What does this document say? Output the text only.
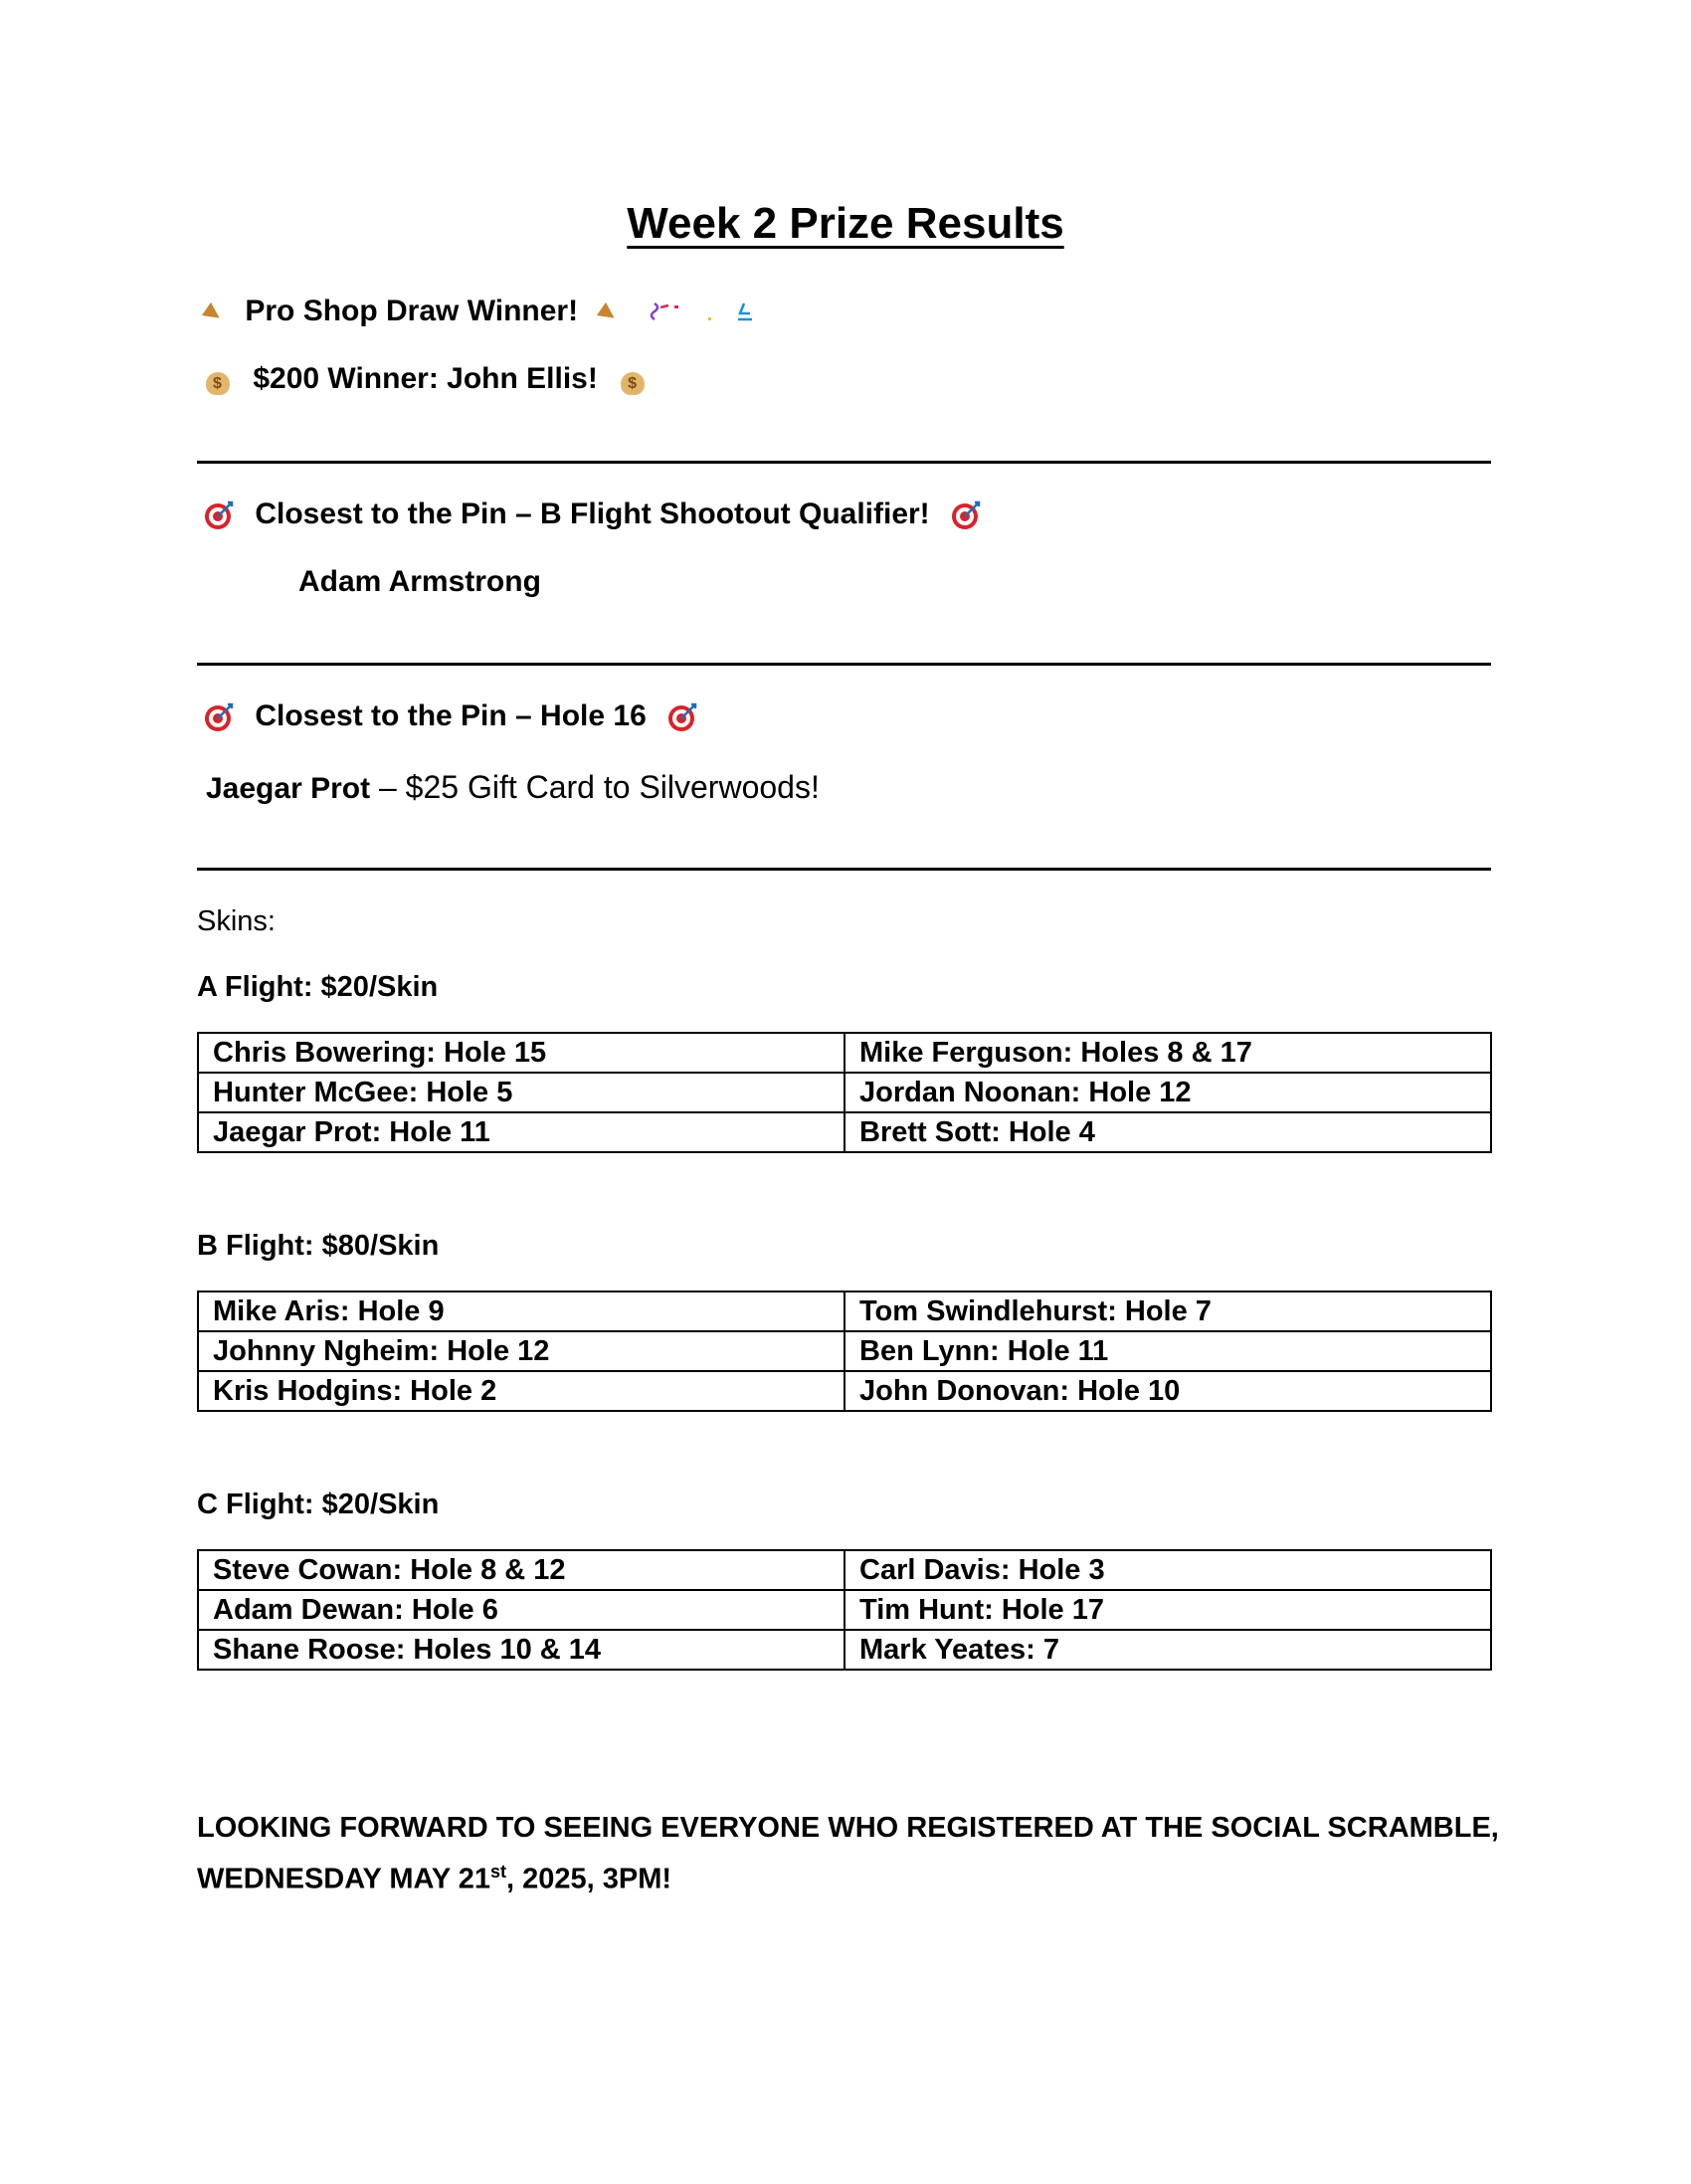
Week 2 Prize Results
Pro Shop Draw Winner!
$ $200 Winner: John Ellis! $
Closest to the Pin – B Flight Shootout Qualifier!
Adam Armstrong
Closest to the Pin – Hole 16
Jaegar Prot – $25 Gift Card to Silverwoods!
Skins:
A Flight: $20/Skin
Chris Bowering: Hole 15	Mike Ferguson: Holes 8 & 17
Hunter McGee: Hole 5	Jordan Noonan: Hole 12
Jaegar Prot: Hole 11	Brett Sott: Hole 4
B Flight: $80/Skin
Mike Aris: Hole 9	Tom Swindlehurst: Hole 7
Johnny Ngheim: Hole 12	Ben Lynn: Hole 11
Kris Hodgins: Hole 2	John Donovan: Hole 10
C Flight: $20/Skin
Steve Cowan: Hole 8 & 12	Carl Davis: Hole 3
Adam Dewan: Hole 6	Tim Hunt: Hole 17
Shane Roose: Holes 10 & 14	Mark Yeates: 7
LOOKING FORWARD TO SEEING EVERYONE WHO REGISTERED AT THE SOCIAL SCRAMBLE,
WEDNESDAY MAY 21st, 2025, 3PM!
